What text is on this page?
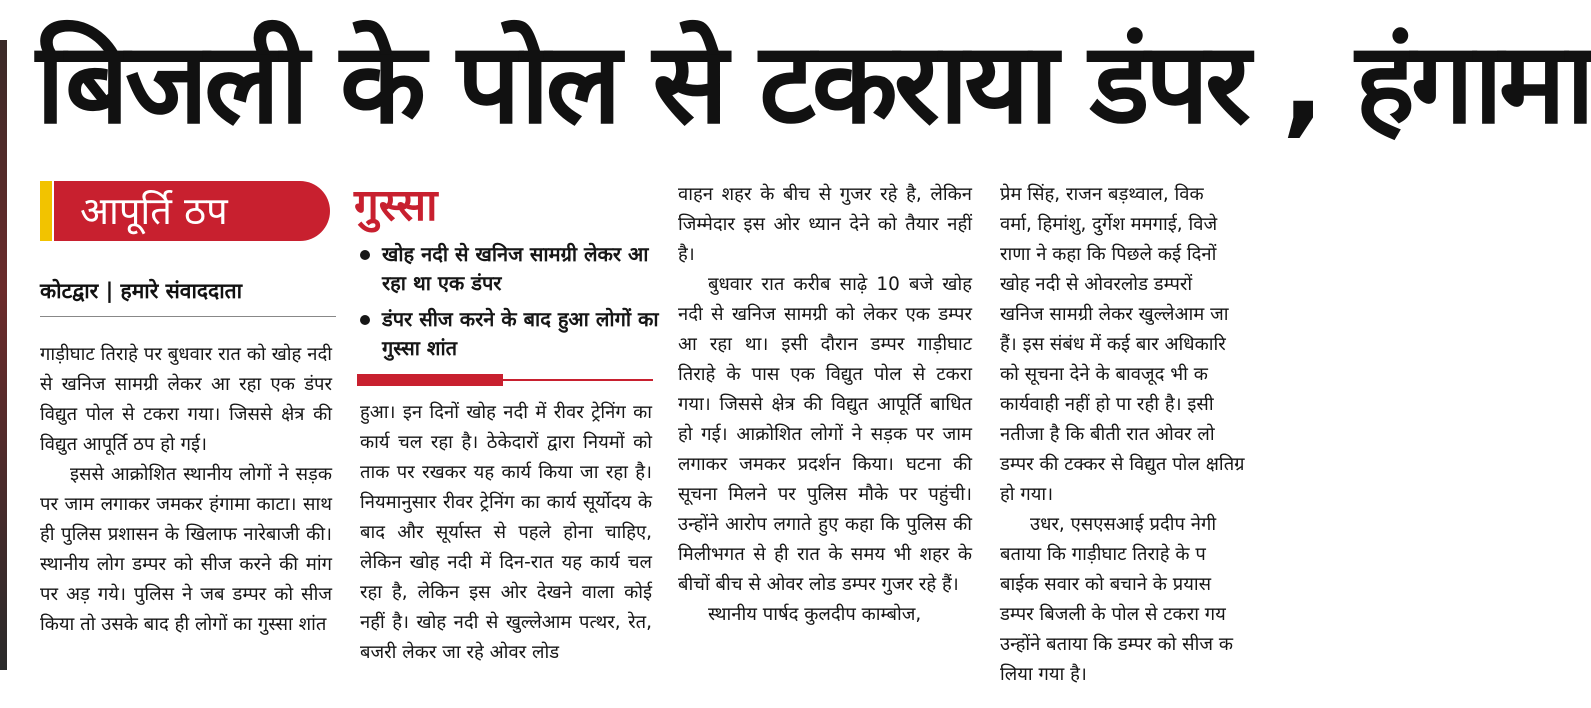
बिजली के पोल से टकराया डंपर , हंगामा
आपूर्ति ठप
कोटद्वार | हमारे संवाददाता

गाड़ीघाट तिराहे पर बुधवार रात को खोह नदी से खनिज सामग्री लेकर आ रहा एक डंपर विद्युत पोल से टकरा गया। जिससे क्षेत्र की विद्युत आपूर्ति ठप हो गई।

इससे आक्रोशित स्थानीय लोगों ने सड़क पर जाम लगाकर जमकर हंगामा काटा। साथ ही पुलिस प्रशासन के खिलाफ नारेबाजी की। स्थानीय लोग डम्पर को सीज करने की मांग पर अड़ गये। पुलिस ने जब डम्पर को सीज किया तो उसके बाद ही लोगों का गुस्सा शांत

गुस्सा
खोह नदी से खनिज सामग्री लेकर आ रहा था एक डंपर
डंपर सीज करने के बाद हुआ लोगों का गुस्सा शांत

हुआ। इन दिनों खोह नदी में रीवर ट्रेनिंग का कार्य चल रहा है। ठेकेदारों द्वारा नियमों को ताक पर रखकर यह कार्य किया जा रहा है। नियमानुसार रीवर ट्रेनिंग का कार्य सूर्योदय के बाद और सूर्यास्त से पहले होना चाहिए, लेकिन खोह नदी में दिन-रात यह कार्य चल रहा है, लेकिन इस ओर देखने वाला कोई नहीं है। खोह नदी से खुल्लेआम पत्थर, रेत, बजरी लेकर जा रहे ओवर लोड

वाहन शहर के बीच से गुजर रहे है, लेकिन जिम्मेदार इस ओर ध्यान देने को तैयार नहीं है।

बुधवार रात करीब साढ़े 10 बजे खोह नदी से खनिज सामग्री को लेकर एक डम्पर आ रहा था। इसी दौरान डम्पर गाड़ीघाट तिराहे के पास एक विद्युत पोल से टकरा गया। जिससे क्षेत्र की विद्युत आपूर्ति बाधित हो गई। आक्रोशित लोगों ने सड़क पर जाम लगाकर जमकर प्रदर्शन किया। घटना की सूचना मिलने पर पुलिस मौके पर पहुंची। उन्होंने आरोप लगाते हुए कहा कि पुलिस की मिलीभगत से ही रात के समय भी शहर के बीचों बीच से ओवर लोड डम्पर गुजर रहे हैं।

स्थानीय पार्षद कुलदीप काम्बोज,

प्रेम सिंह, राजन बड़थ्वाल, विक

वर्मा, हिमांशु, दुर्गेश ममगाई, विजे

राणा ने कहा कि पिछले कई दिनों

खोह नदी से ओवरलोड डम्परों

खनिज सामग्री लेकर खुल्लेआम जा

हैं। इस संबंध में कई बार अधिकारि

को सूचना देने के बावजूद भी क

कार्यवाही नहीं हो पा रही है। इसी

नतीजा है कि बीती रात ओवर लो

डम्पर की टक्कर से विद्युत पोल क्षतिग्र

हो गया।

उधर, एसएसआई प्रदीप नेगी

बताया कि गाड़ीघाट तिराहे के प

बाईक सवार को बचाने के प्रयास

डम्पर बिजली के पोल से टकरा गय

उन्होंने बताया कि डम्पर को सीज क

लिया गया है।
